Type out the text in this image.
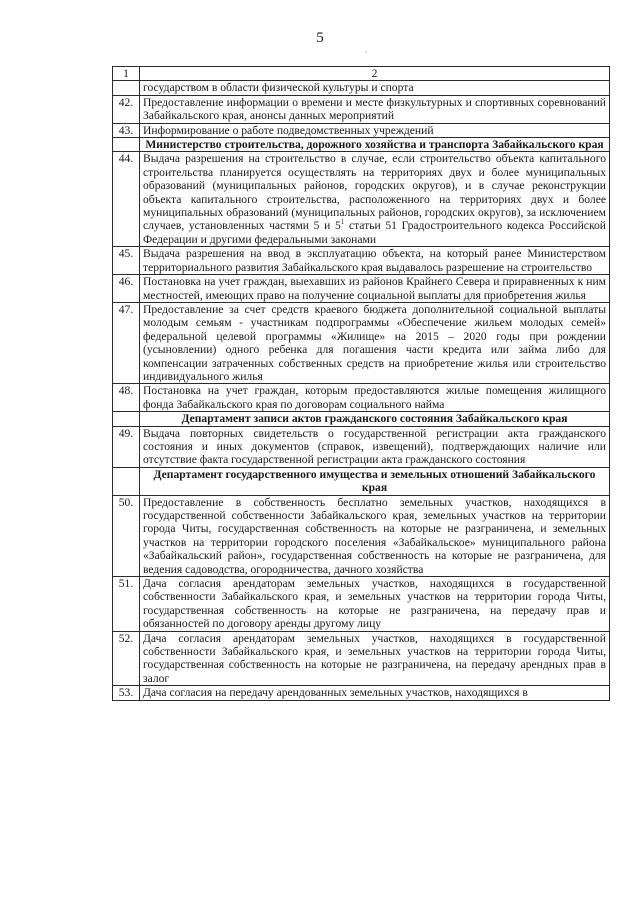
5
`
1	2
	государством в области физической культуры и спорта
42.	Предоставление информации о времени и месте физкультурных и спортивных соревнований Забайкальского края, анонсы данных мероприятий
43.	Информирование о работе подведомственных учреждений
	Министерство строительства, дорожного хозяйства и транспорта Забайкальского края
44.	Выдача разрешения на строительство в случае, если строительство объекта капитального строительства планируется осуществлять на территориях двух и более муниципальных образований (муниципальных районов, городских округов), и в случае реконструкции объекта капитального строительства, расположенного на территориях двух и более муниципальных образований (муниципальных районов, городских округов), за исключением случаев, установленных частями 5 и $5^1$ статьи 51 Градостроительного кодекса Российской Федерации и другими федеральными законами
45.	Выдача разрешения на ввод в эксплуатацию объекта, на который ранее Министерством территориального развития Забайкальского края выдавалось разрешение на строительство
46.	Постановка на учет граждан, выехавших из районов Крайнего Севера и приравненных к ним местностей, имеющих право на получение социальной выплаты для приобретения жилья
47.	Предоставление за счет средств краевого бюджета дополнительной социальной выплаты молодым семьям - участникам подпрограммы «Обеспечение жильем молодых семей» федеральной целевой программы «Жилище» на 2015 – 2020 годы при рождении (усыновлении) одного ребенка для погашения части кредита или займа либо для компенсации затраченных собственных средств на приобретение жилья или строительство индивидуального жилья
48.	Постановка на учет граждан, которым предоставляются жилые помещения жилищного фонда Забайкальского края по договорам социального найма
	Департамент записи актов гражданского состояния Забайкальского края
49.	Выдача повторных свидетельств о государственной регистрации акта гражданского состояния и иных документов (справок, извещений), подтверждающих наличие или отсутствие факта государственной регистрации акта гражданского состояния
	Департамент государственного имущества и земельных отношений Забайкальского края
50.	Предоставление в собственность бесплатно земельных участков, находящихся в государственной собственности Забайкальского края, земельных участков на территории города Читы, государственная собственность на которые не разграничена, и земельных участков на территории городского поселения «Забайкальское» муниципального района «Забайкальский район», государственная собственность на которые не разграничена, для ведения садоводства, огородничества, дачного хозяйства
51.	Дача согласия арендаторам земельных участков, находящихся в государственной собственности Забайкальского края, и земельных участков на территории города Читы, государственная собственность на которые не разграничена, на передачу прав и обязанностей по договору аренды другому лицу
52.	Дача согласия арендаторам земельных участков, находящихся в государственной собственности Забайкальского края, и земельных участков на территории города Читы, государственная собственность на которые не разграничена, на передачу арендных прав в залог
53.	Дача согласия на передачу арендованных земельных участков, находящихся в
